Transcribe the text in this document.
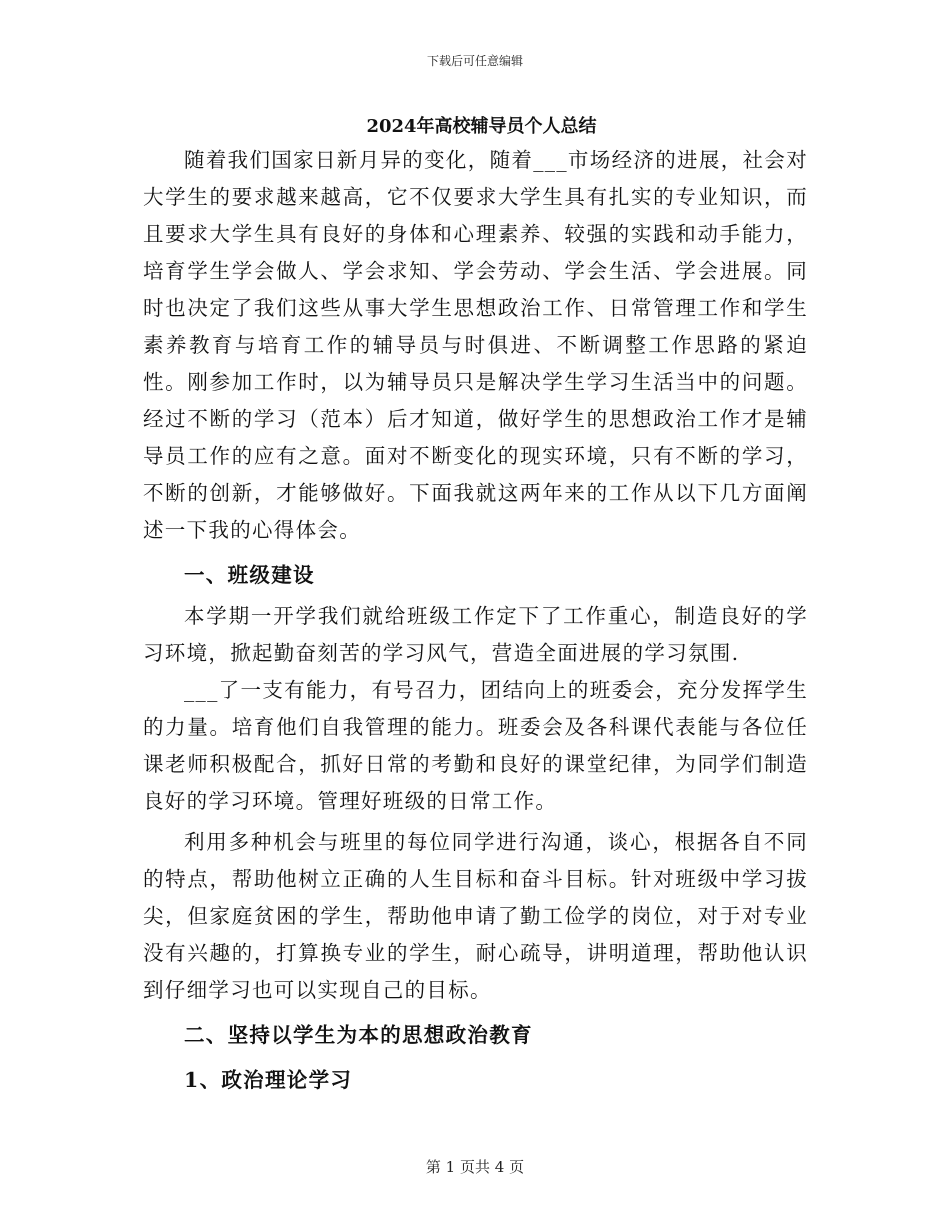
下载后可任意编辑
2024年高校辅导员个人总结

随着我们国家日新月异的变化，随着___市场经济的进展，社会对大学生的要求越来越高，它不仅要求大学生具有扎实的专业知识，而且要求大学生具有良好的身体和心理素养、较强的实践和动手能力，培育学生学会做人、学会求知、学会劳动、学会生活、学会进展。同时也决定了我们这些从事大学生思想政治工作、日常管理工作和学生素养教育与培育工作的辅导员与时俱进、不断调整工作思路的紧迫性。刚参加工作时，以为辅导员只是解决学生学习生活当中的问题。经过不断的学习（范本）后才知道，做好学生的思想政治工作才是辅导员工作的应有之意。面对不断变化的现实环境，只有不断的学习，不断的创新，才能够做好。下面我就这两年来的工作从以下几方面阐述一下我的心得体会。

一、班级建设

本学期一开学我们就给班级工作定下了工作重心，制造良好的学习环境，掀起勤奋刻苦的学习风气，营造全面进展的学习氛围.

___了一支有能力，有号召力，团结向上的班委会，充分发挥学生的力量。培育他们自我管理的能力。班委会及各科课代表能与各位任课老师积极配合，抓好日常的考勤和良好的课堂纪律，为同学们制造良好的学习环境。管理好班级的日常工作。

利用多种机会与班里的每位同学进行沟通，谈心，根据各自不同的特点，帮助他树立正确的人生目标和奋斗目标。针对班级中学习拔尖，但家庭贫困的学生，帮助他申请了勤工俭学的岗位，对于对专业没有兴趣的，打算换专业的学生，耐心疏导，讲明道理，帮助他认识到仔细学习也可以实现自己的目标。

二、坚持以学生为本的思想政治教育
1、政治理论学习
第 1 页共 4 页
